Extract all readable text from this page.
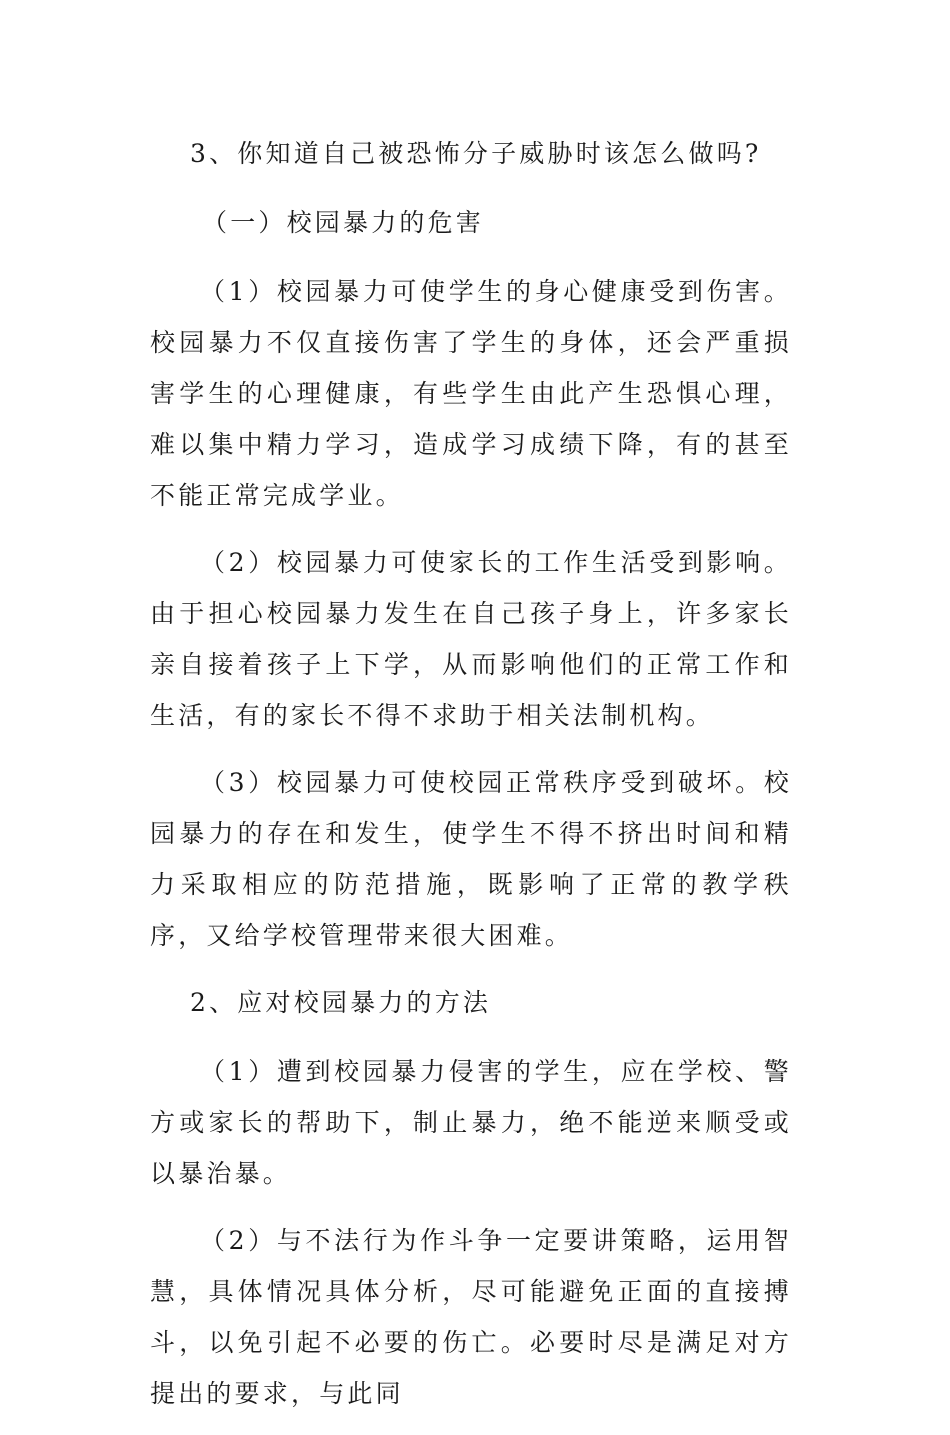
3、你知道自己被恐怖分子威胁时该怎么做吗?

（一）校园暴力的危害

（1）校园暴力可使学生的身心健康受到伤害。校园暴力不仅直接伤害了学生的身体，还会严重损害学生的心理健康，有些学生由此产生恐惧心理，难以集中精力学习，造成学习成绩下降，有的甚至不能正常完成学业。

（2）校园暴力可使家长的工作生活受到影响。由于担心校园暴力发生在自己孩子身上，许多家长亲自接着孩子上下学，从而影响他们的正常工作和生活，有的家长不得不求助于相关法制机构。

（3）校园暴力可使校园正常秩序受到破坏。校园暴力的存在和发生，使学生不得不挤出时间和精力采取相应的防范措施，既影响了正常的教学秩序，又给学校管理带来很大困难。

2、应对校园暴力的方法

（1）遭到校园暴力侵害的学生，应在学校、警方或家长的帮助下，制止暴力，绝不能逆来顺受或以暴治暴。

（2）与不法行为作斗争一定要讲策略，运用智慧，具体情况具体分析，尽可能避免正面的直接搏斗，以免引起不必要的伤亡。必要时尽是满足对方提出的要求，与此同
